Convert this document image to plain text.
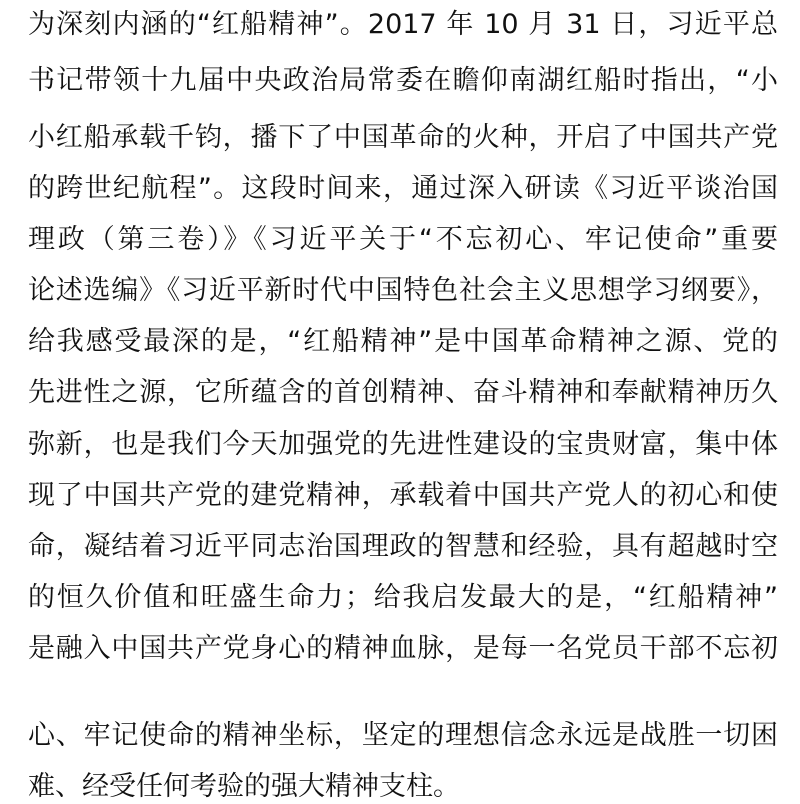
为深刻内涵的“红船精神”。2017 年 10 月 31 日，习近平总
书记带领十九届中央政治局常委在瞻仰南湖红船时指出，“小
小红船承载千钧，播下了中国革命的火种，开启了中国共产党
的跨世纪航程”。这段时间来，通过深入研读《习近平谈治国
理政（第三卷）》《习近平关于“不忘初心、牢记使命”重要
论述选编》《习近平新时代中国特色社会主义思想学习纲要》，
给我感受最深的是，“红船精神”是中国革命精神之源、党的
先进性之源，它所蕴含的首创精神、奋斗精神和奉献精神历久
弥新，也是我们今天加强党的先进性建设的宝贵财富，集中体
现了中国共产党的建党精神，承载着中国共产党人的初心和使
命，凝结着习近平同志治国理政的智慧和经验，具有超越时空
的恒久价值和旺盛生命力；给我启发最大的是，“红船精神”
是融入中国共产党身心的精神血脉，是每一名党员干部不忘初
心、牢记使命的精神坐标，坚定的理想信念永远是战胜一切困
难、经受任何考验的强大精神支柱。
